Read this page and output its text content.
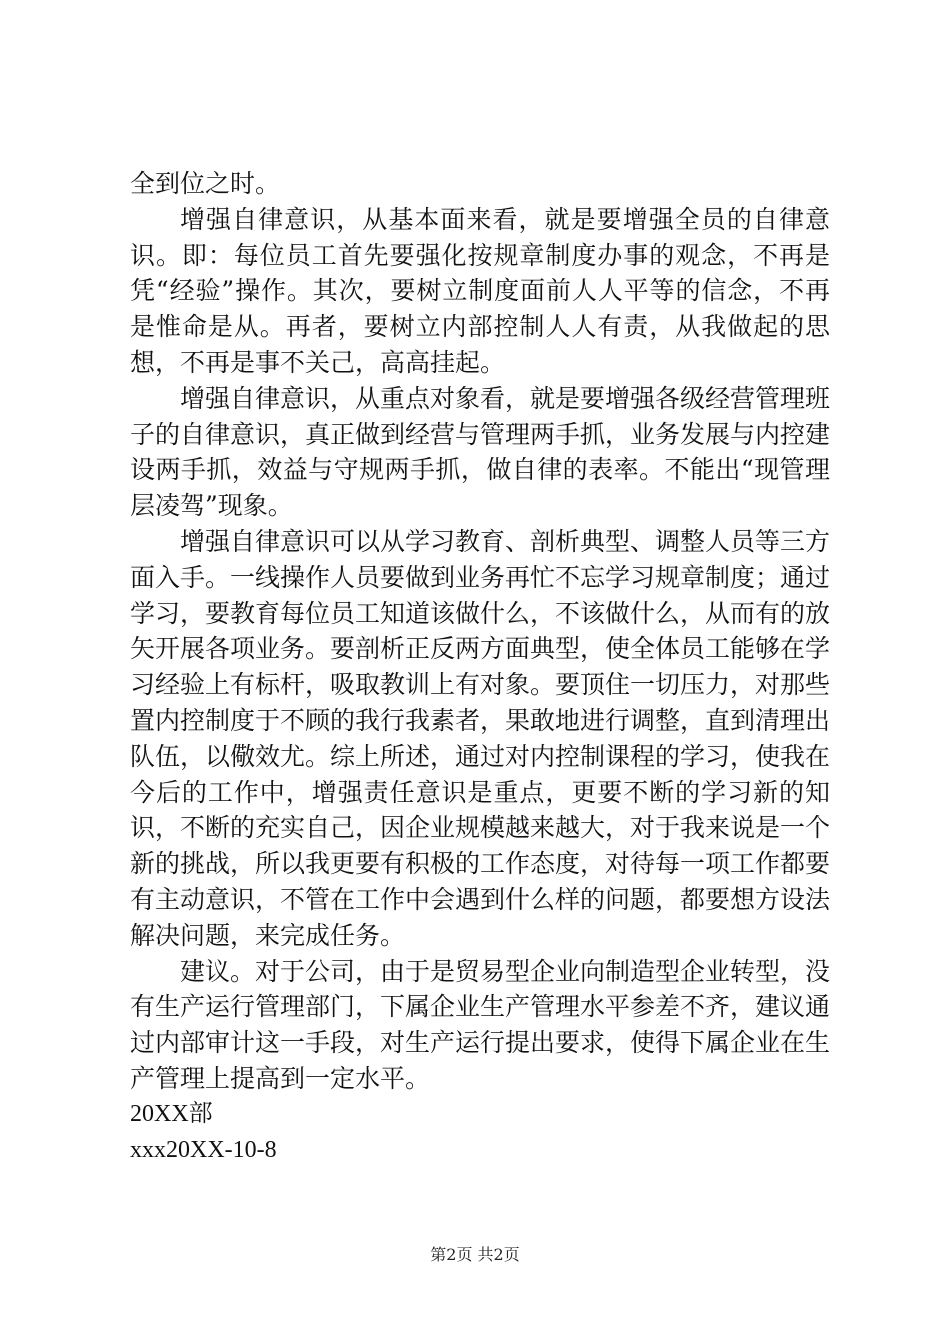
全到位之时。

增强自律意识，从基本面来看，就是要增强全员的自律意识。即：每位员工首先要强化按规章制度办事的观念，不再是凭“经验”操作。其次，要树立制度面前人人平等的信念，不再是惟命是从。再者，要树立内部控制人人有责，从我做起的思想，不再是事不关己，高高挂起。

增强自律意识，从重点对象看，就是要增强各级经营管理班子的自律意识，真正做到经营与管理两手抓，业务发展与内控建设两手抓，效益与守规两手抓，做自律的表率。不能出“现管理层凌驾”现象。

增强自律意识可以从学习教育、剖析典型、调整人员等三方面入手。一线操作人员要做到业务再忙不忘学习规章制度；通过学习，要教育每位员工知道该做什么，不该做什么，从而有的放矢开展各项业务。要剖析正反两方面典型，使全体员工能够在学习经验上有标杆，吸取教训上有对象。要顶住一切压力，对那些置内控制度于不顾的我行我素者，果敢地进行调整，直到清理出队伍，以儆效尤。综上所述，通过对内控制课程的学习，使我在今后的工作中，增强责任意识是重点，更要不断的学习新的知识，不断的充实自己，因企业规模越来越大，对于我来说是一个新的挑战，所以我更要有积极的工作态度，对待每一项工作都要有主动意识，不管在工作中会遇到什么样的问题，都要想方设法解决问题，来完成任务。

建议。对于公司，由于是贸易型企业向制造型企业转型，没有生产运行管理部门，下属企业生产管理水平参差不齐，建议通过内部审计这一手段，对生产运行提出要求，使得下属企业在生产管理上提高到一定水平。

20XX部

xxx20XX-10-8

第2页 共2页
